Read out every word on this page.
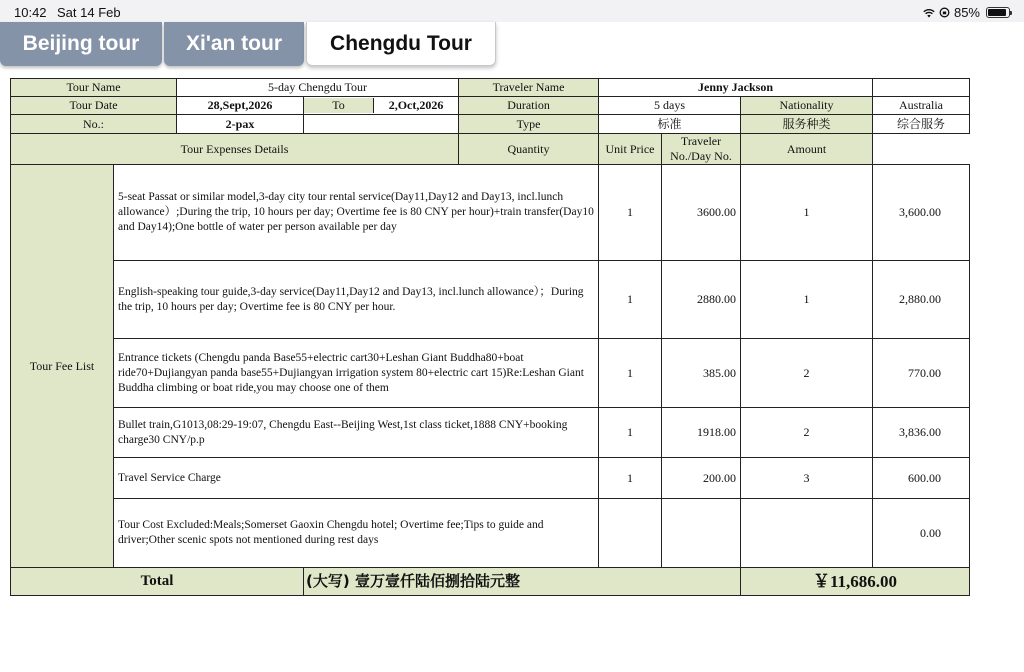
10:42 Sat 14 Feb	85%
Beijing tour	Xi'an tour	Chengdu Tour
Tour Name		5-day Chengdu Tour		Traveler Name	Jenny Jackson			
Tour Date		28,Sept,2026	To 2,Oct,2026	Duration	5 days		Nationality	Australia
No.:		2-pax		Type	标准		服务种类	综合服务
Tour Expenses Details				Quantity	Unit Price	Traveler No./Day No.	Amount	
Tour Fee List	5-seat Passat or similar model,3-day city tour rental service(Day11,Day12 and Day13, incl.lunch allowance）;During the trip, 10 hours per day; Overtime fee is 80 CNY per hour)+train transfer(Day10 and Day14);One bottle of water per person available per day				1	3600.00	1	3,600.00
	English-speaking tour guide,3-day service(Day11,Day12 and Day13, incl.lunch allowance）；During the trip, 10 hours per day; Overtime fee is 80 CNY per hour.				1	2880.00	1	2,880.00
	Entrance tickets (Chengdu panda Base55+electric cart30+Leshan Giant Buddha80+boat ride70+Dujiangyan panda base55+Dujiangyan irrigation system 80+electric cart 15)Re:Leshan Giant Buddha climbing or boat ride,you may choose one of them				1	385.00	2	770.00
	Bullet train,G1013,08:29-19:07, Chengdu East--Beijing West,1st class ticket,1888 CNY+booking charge30 CNY/p.p				1	1918.00	2	3,836.00
	Travel Service Charge				1	200.00	3	600.00
	Tour Cost Excluded:Meals;Somerset Gaoxin Chengdu hotel; Overtime fee;Tips to guide and driver;Other scenic spots not mentioned during rest days							0.00
Total			(大写) 壹万壹仟陆佰捌拾陆元整				￥11,686.00	
